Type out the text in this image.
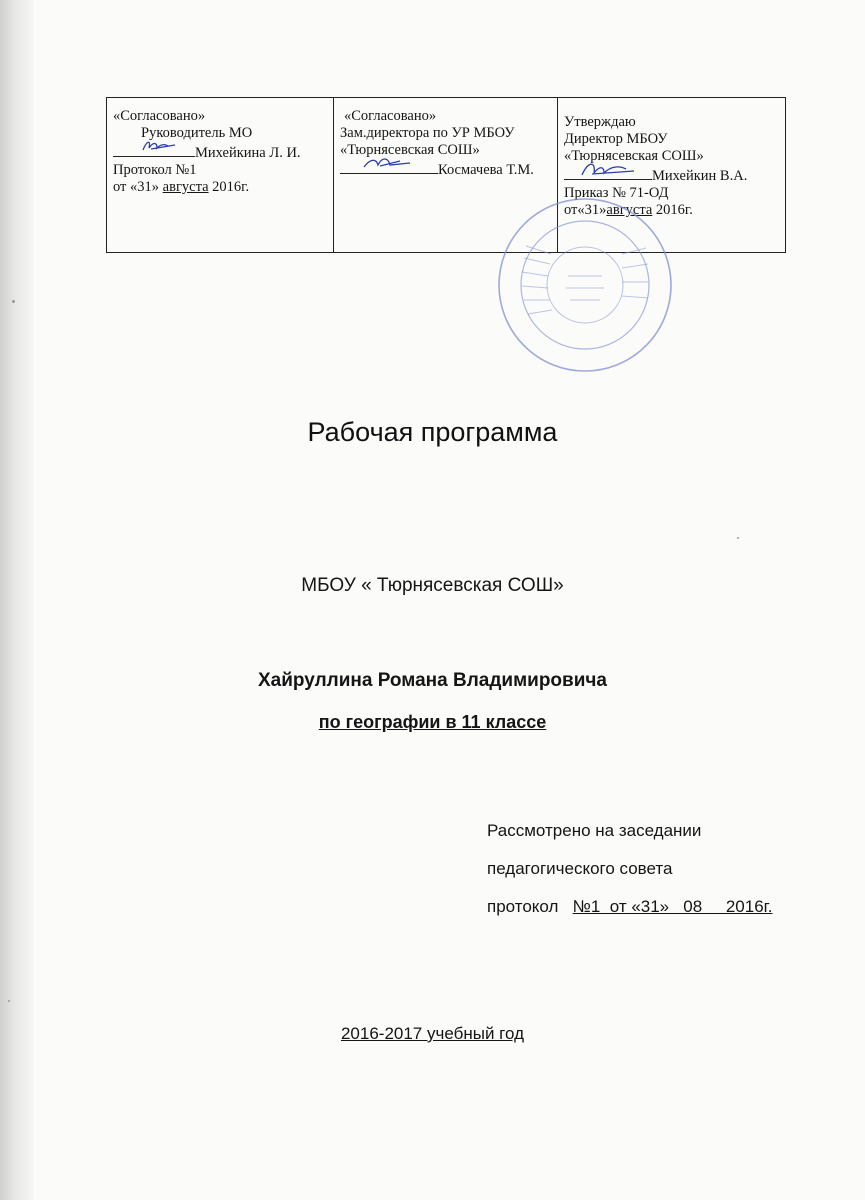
«Согласовано»
Руководитель МО
Михейкина Л. И.
Протокол №1
от «31» августа 2016г.
«Согласовано»
Зам.директора по УР МБОУ
«Тюрнясевская СОШ»
Космачева Т.М.
Утверждаю
Директор МБОУ
«Тюрнясевская СОШ»
Михейкин В.А.
Приказ № 71-ОД
от«31»августа 2016г.
Рабочая программа
МБОУ « Тюрнясевская СОШ»
Хайруллина Романа Владимировича
по географии в 11 классе
Рассмотрено на заседании
педагогического совета
протокол   №1  от «31»   08     2016г.
2016-2017 учебный год
